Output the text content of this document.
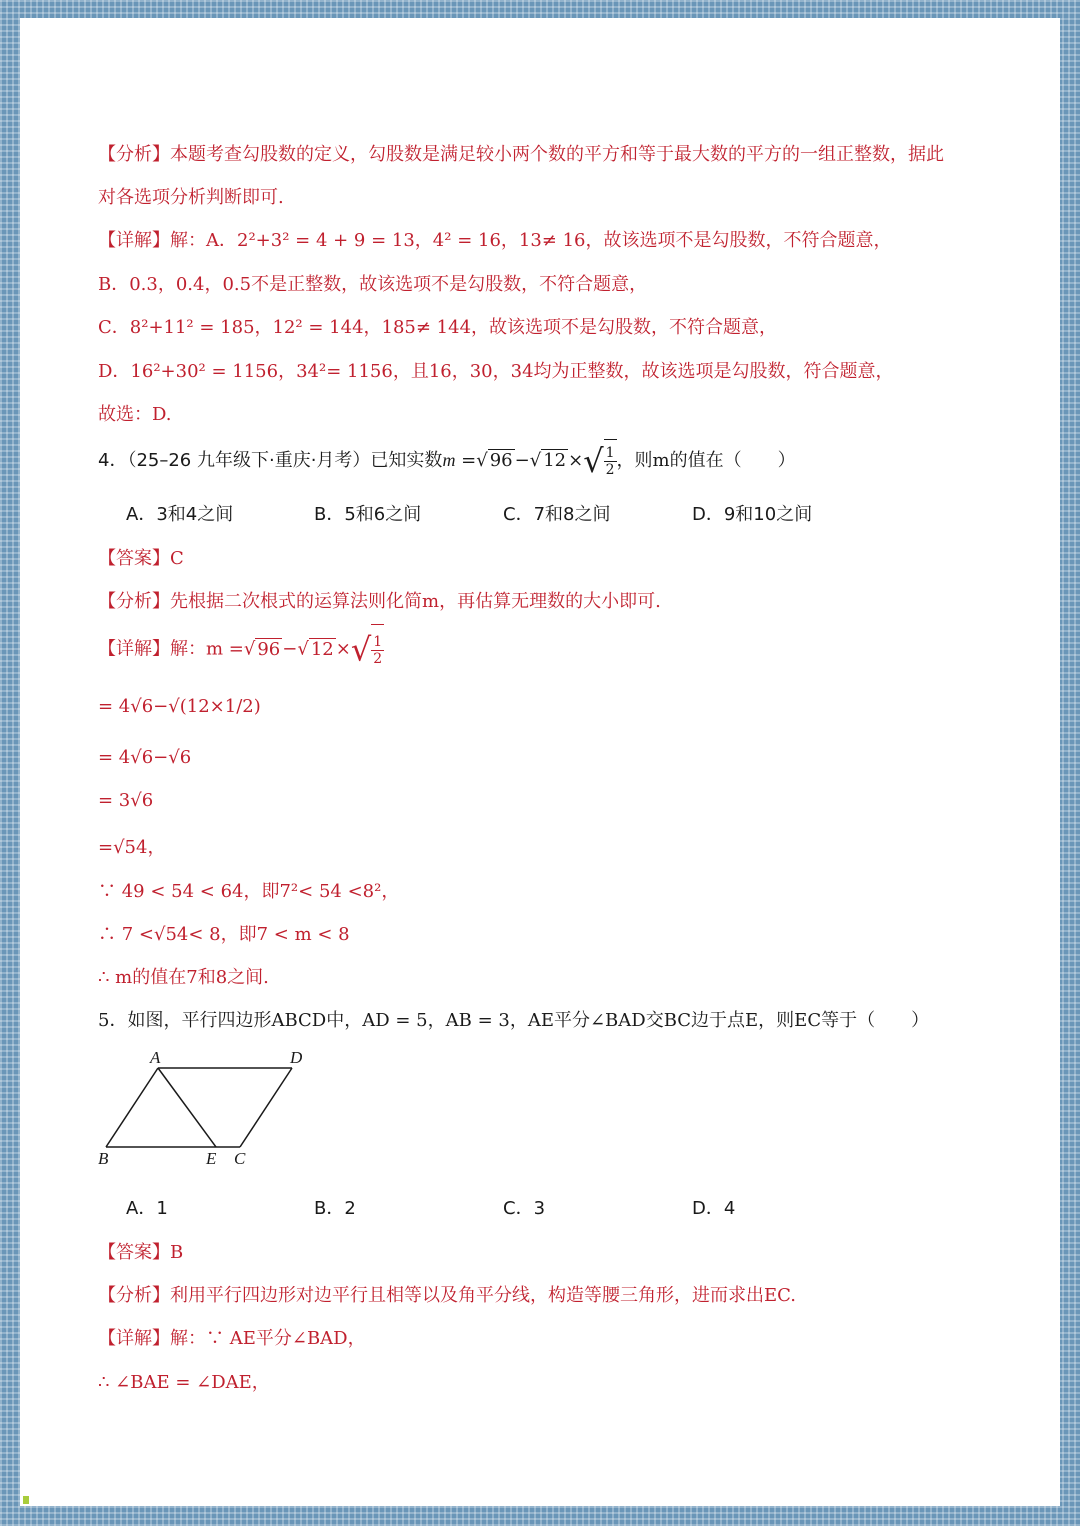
【分析】本题考查勾股数的定义，勾股数是满足较小两个数的平方和等于最大数的平方的一组正整数，据此
对各选项分析判断即可.
【详解】解：A．2²+3² = 4 + 9 = 13，4² = 16，13≠ 16，故该选项不是勾股数，不符合题意，
B．0.3，0.4，0.5不是正整数，故该选项不是勾股数，不符合题意，
C．8²+11² = 185，12² = 144，185≠ 144，故该选项不是勾股数，不符合题意，
D．16²+30² = 1156，34²= 1156，且16，30，34均为正整数，故该选项是勾股数，符合题意，
故选：D.
4．（25–26 九年级下·重庆·月考）已知实数m =√ 96 −√ 12 ×√ $\frac{1}{2}$ ，则m的值在（　　）
A．3和4之间	B．5和6之间	C．7和8之间	D．9和10之间
【答案】C
【分析】先根据二次根式的运算法则化简m，再估算无理数的大小即可.
【详解】解：m =√ 96 −√ 12 ×√ $\frac{1}{2}$
= 4√6−√(12×1/2)
= 4√6−√6
= 3√6
=√54，
∵ 49 < 54 < 64，即7²< 54 <8²，
∴ 7 <√54< 8，即7 < m < 8
∴ m的值在7和8之间.
5．如图，平行四边形ABCD中，AD = 5，AB = 3，AE平分∠BAD交BC边于点E，则EC等于（　　）
A	D
B	E C
A．1	B．2	C．3	D．4
【答案】B
【分析】利用平行四边形对边平行且相等以及角平分线，构造等腰三角形，进而求出EC.
【详解】解：∵ AE平分∠BAD，
∴ ∠BAE = ∠DAE，
